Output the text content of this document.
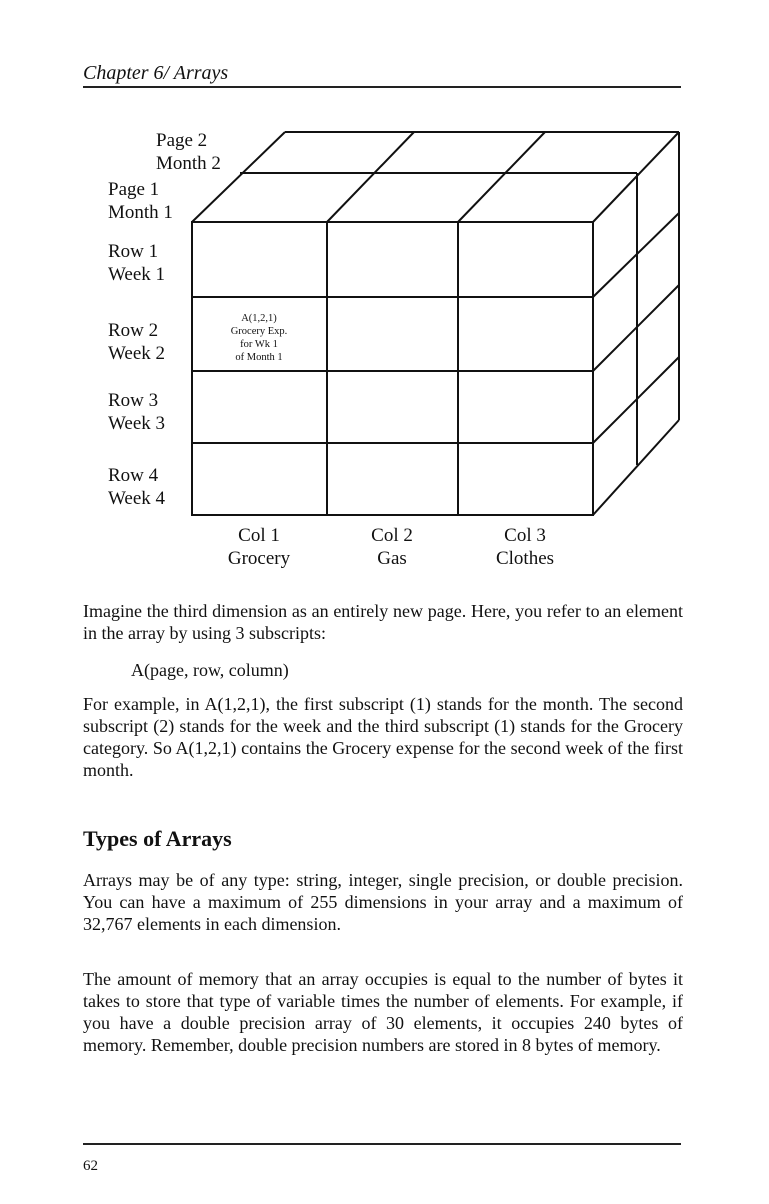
Chapter 6/ Arrays
Page 2
Month 2
Page 1
Month 1
Row 1
Week 1
Row 2
Week 2
Row 3
Week 3
Row 4
Week 4
Col 1
Grocery
Col 2
Gas
Col 3
Clothes
A(1,2,1)
Grocery Exp.
for Wk 1
of Month 1

Imagine the third dimension as an entirely new page. Here, you refer to an element in the array by using 3 subscripts:

A(page, row, column)

For example, in A(1,2,1), the first subscript (1) stands for the month. The second subscript (2) stands for the week and the third subscript (1) stands for the Grocery category. So A(1,2,1) contains the Grocery expense for the second week of the first month.

Types of Arrays

Arrays may be of any type: string, integer, single precision, or double precision. You can have a maximum of 255 dimensions in your array and a maximum of 32,767 elements in each dimension.

The amount of memory that an array occupies is equal to the number of bytes it takes to store that type of variable times the number of elements. For example, if you have a double precision array of 30 elements, it occupies 240 bytes of memory. Remember, double precision numbers are stored in 8 bytes of memory.

62
